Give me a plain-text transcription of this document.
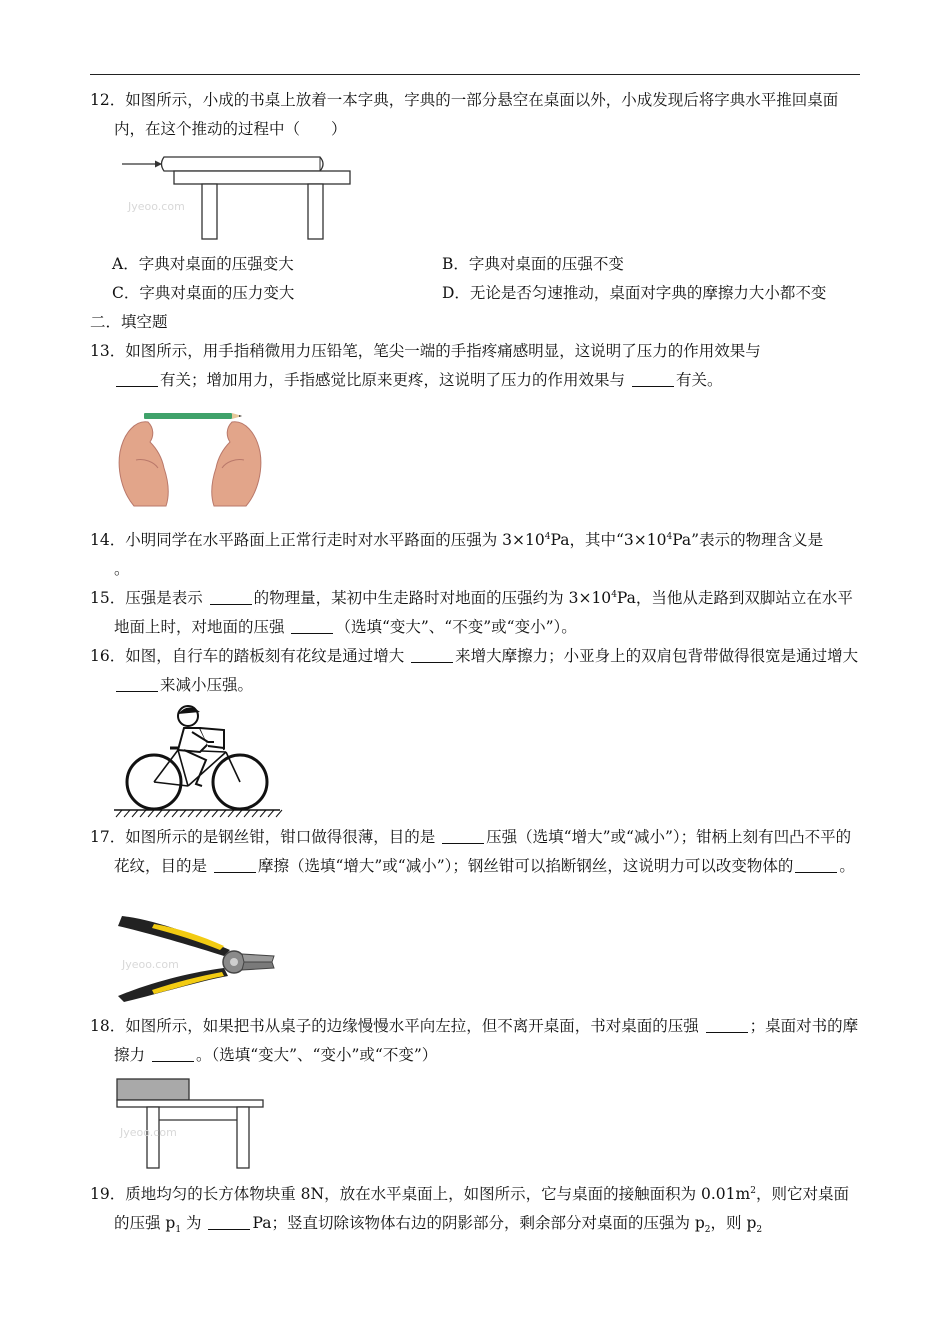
12．如图所示，小成的书桌上放着一本字典，字典的一部分悬空在桌面以外，小成发现后将字典水平推回桌面内，在这个推动的过程中（　　）

Jyeoo.com
A．字典对桌面的压强变大	B．字典对桌面的压强不变
C．字典对桌面的压力变大	D．无论是否匀速推动，桌面对字典的摩擦力大小都不变

二．填空题

13．如图所示，用手指稍微用力压铅笔，笔尖一端的手指疼痛感明显，这说明了压力的作用效果与
有关；增加用力，手指感觉比原来更疼，这说明了压力的作用效果与	有关。

14．小明同学在水平路面上正常行走时对水平路面的压强为 $3\times 10^4Pa$，其中“$3\times 10^4Pa$”表示的物理含义是
。

15．压强是表示	的物理量，某初中生走路时对地面的压强约为 $3\times 10^4Pa$，当他从走路到双脚站立在水平地面上时，对地面的压强	（选填“变大”、“不变”或“变小”）。

16．如图，自行车的踏板刻有花纹是通过增大	来增大摩擦力；小亚身上的双肩包背带做得很宽是通过增大 来减小压强。

17．如图所示的是钢丝钳，钳口做得很薄，目的是	压强（选填“增大”或“减小”）；钳柄上刻有凹凸不平的花纹，目的是	摩擦（选填“增大”或“减小”）；钢丝钳可以掐断钢丝，这说明力可以改变物体的	。

Jyeoo.com

18．如图所示，如果把书从桌子的边缘慢慢水平向左拉，但不离开桌面，书对桌面的压强	；桌面对书的摩擦力	。（选填“变大”、“变小”或“不变”）

Jyeoo.com

19．质地均匀的长方体物块重 8N，放在水平桌面上，如图所示，它与桌面的接触面积为 $0.01m^2$，则它对桌面的压强 $p_1$ 为	Pa；竖直切除该物体右边的阴影部分，剩余部分对桌面的压强为 $p_2$，则 $p_2$
